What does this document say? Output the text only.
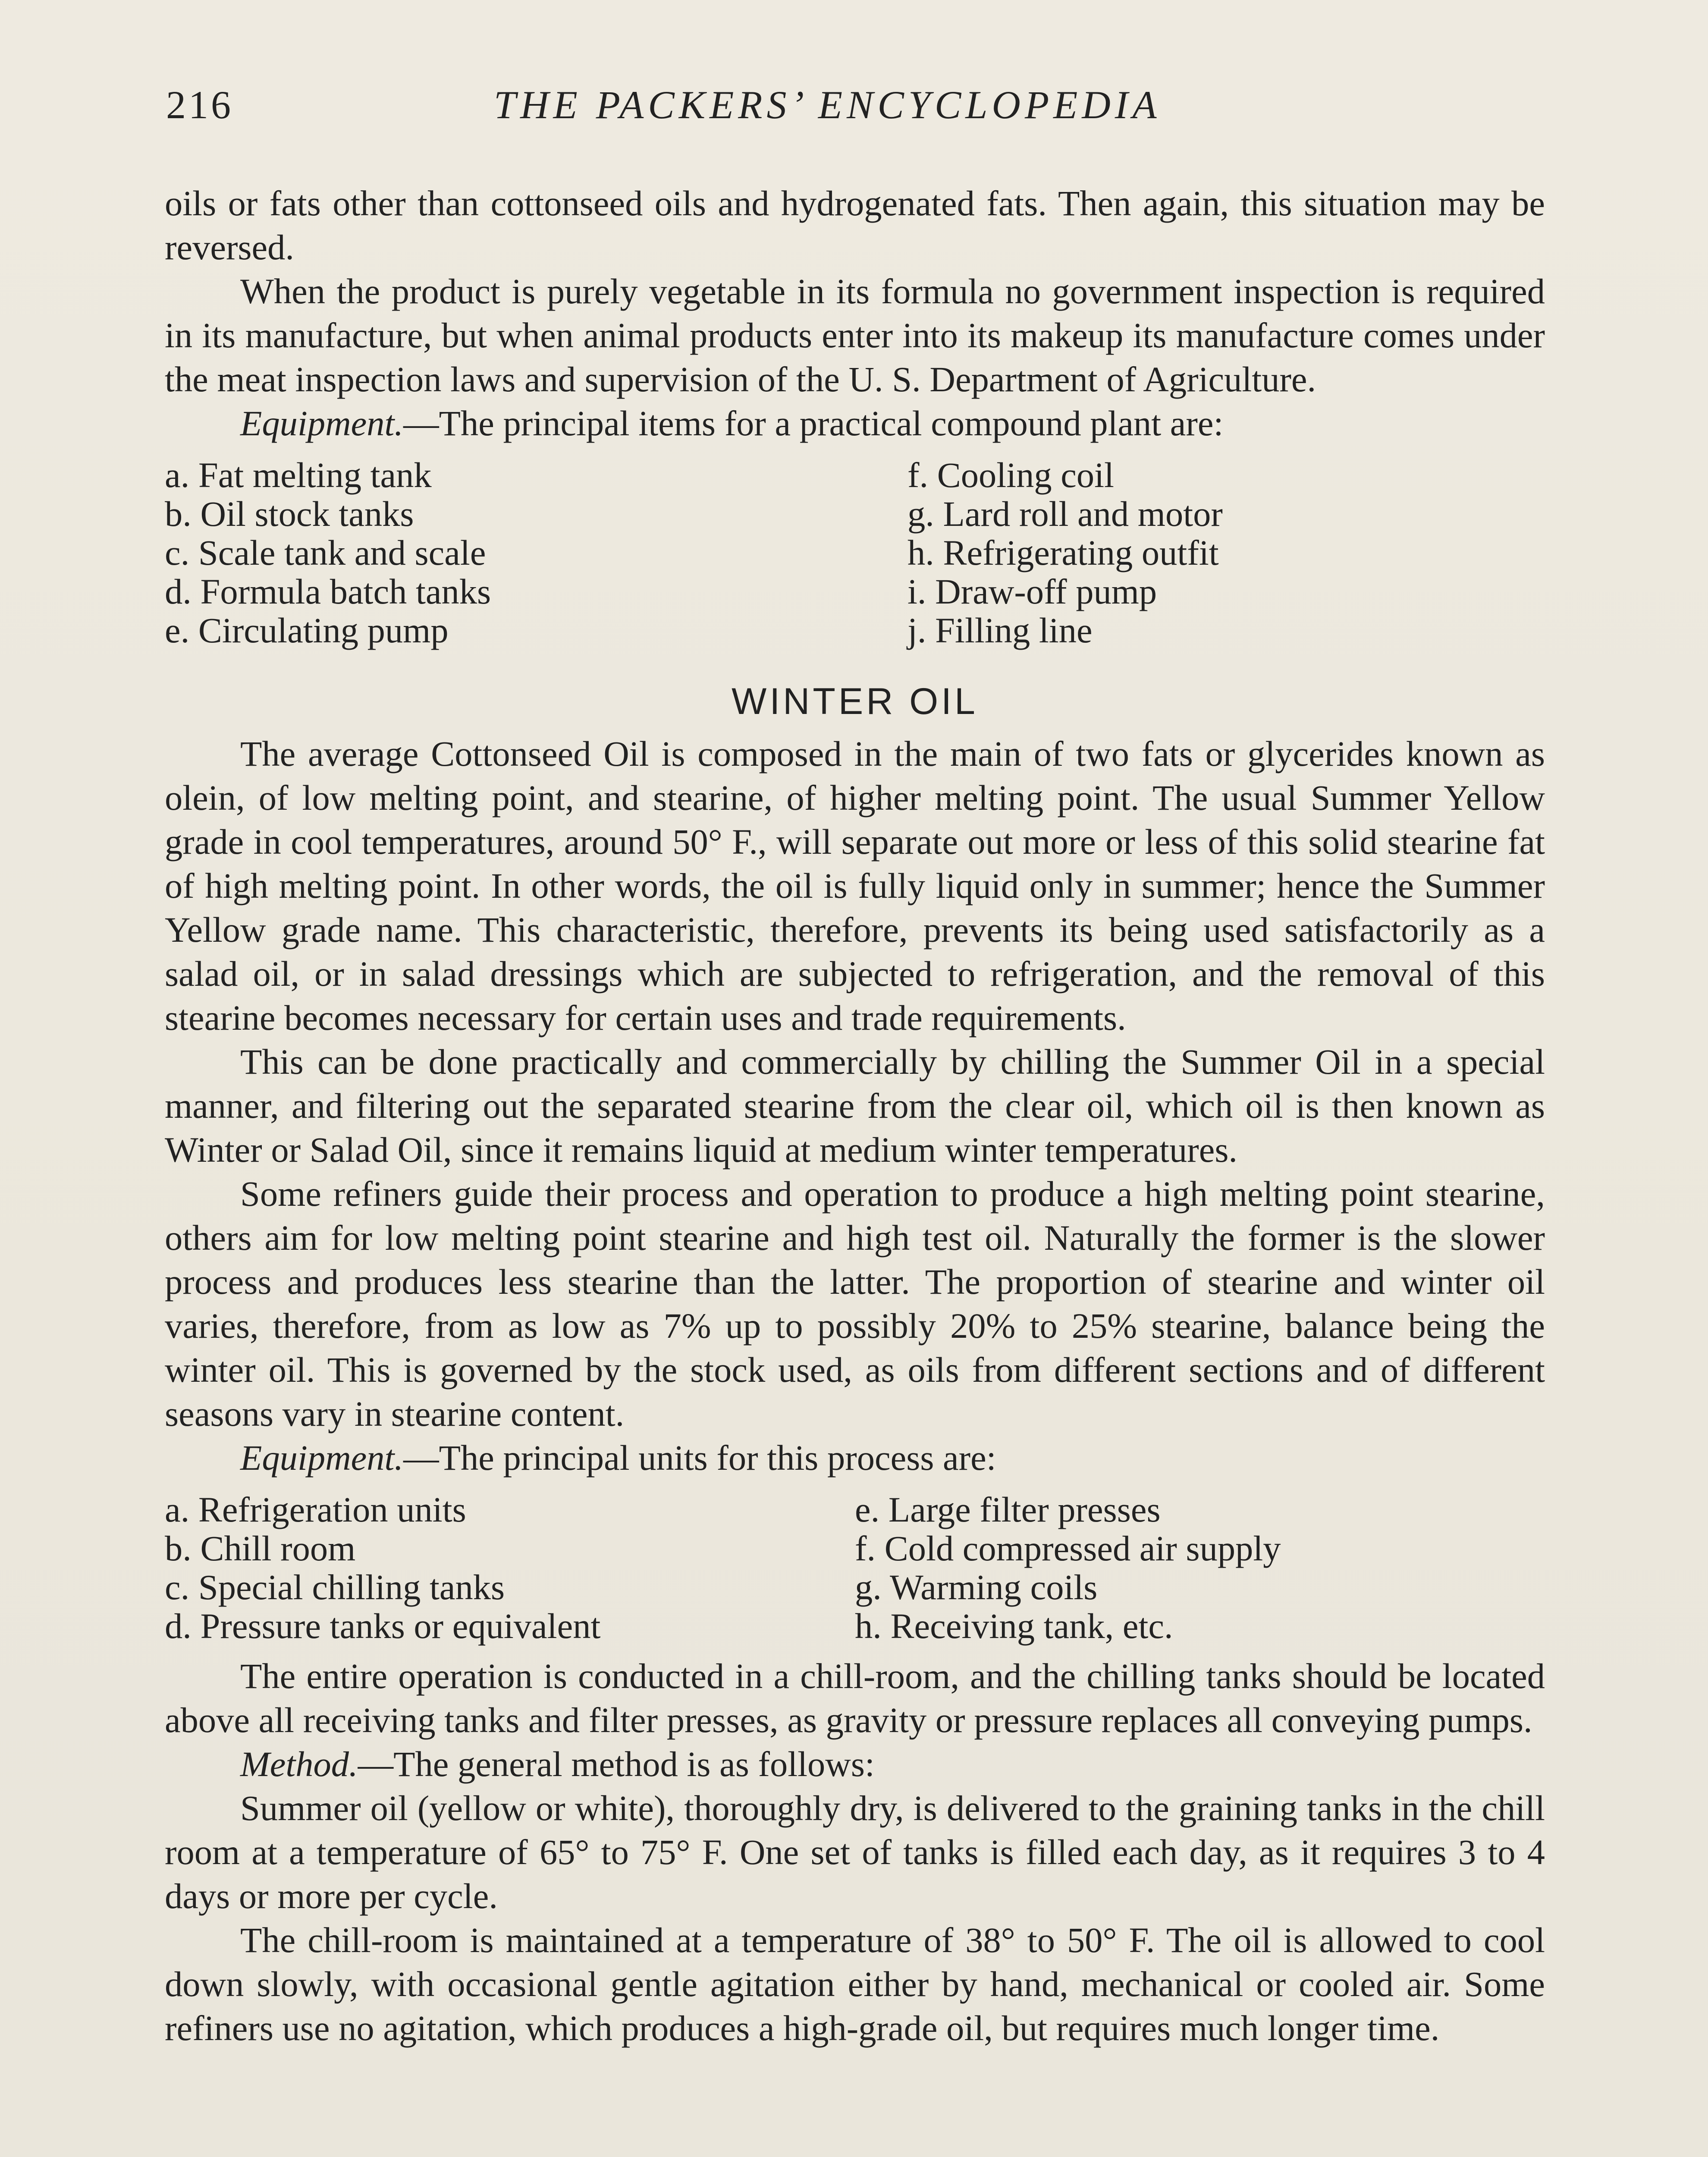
216	THE PACKERS’ ENCYCLOPEDIA

oils or fats other than cottonseed oils and hydrogenated fats. Then again, this situation may be reversed.

When the product is purely vegetable in its formula no government inspection is required in its manufacture, but when animal products enter into its makeup its manufacture comes under the meat inspection laws and supervision of the U. S. Department of Agriculture.

Equipment.—The principal items for a practical compound plant are:

a. Fat melting tank
b. Oil stock tanks
c. Scale tank and scale
d. Formula batch tanks
e. Circulating pump
f. Cooling coil
g. Lard roll and motor
h. Refrigerating outfit
i. Draw-off pump
j. Filling line
WINTER OIL

The average Cottonseed Oil is composed in the main of two fats or glycerides known as olein, of low melting point, and stearine, of higher melting point. The usual Summer Yellow grade in cool temperatures, around 50° F., will separate out more or less of this solid stearine fat of high melting point. In other words, the oil is fully liquid only in summer; hence the Summer Yellow grade name. This characteristic, therefore, prevents its being used satisfactorily as a salad oil, or in salad dressings which are subjected to refrigeration, and the removal of this stearine becomes necessary for certain uses and trade requirements.

This can be done practically and commercially by chilling the Summer Oil in a special manner, and filtering out the separated stearine from the clear oil, which oil is then known as Winter or Salad Oil, since it remains liquid at medium winter temperatures.

Some refiners guide their process and operation to produce a high melting point stearine, others aim for low melting point stearine and high test oil. Naturally the former is the slower process and produces less stearine than the latter. The proportion of stearine and winter oil varies, therefore, from as low as 7% up to possibly 20% to 25% stearine, balance being the winter oil. This is governed by the stock used, as oils from different sections and of different seasons vary in stearine content.

Equipment.—The principal units for this process are:

a. Refrigeration units
b. Chill room
c. Special chilling tanks
d. Pressure tanks or equivalent
e. Large filter presses
f. Cold compressed air supply
g. Warming coils
h. Receiving tank, etc.

The entire operation is conducted in a chill-room, and the chilling tanks should be located above all receiving tanks and filter presses, as gravity or pressure replaces all conveying pumps.

Method.—The general method is as follows:

Summer oil (yellow or white), thoroughly dry, is delivered to the graining tanks in the chill room at a temperature of 65° to 75° F. One set of tanks is filled each day, as it requires 3 to 4 days or more per cycle.

The chill-room is maintained at a temperature of 38° to 50° F. The oil is allowed to cool down slowly, with occasional gentle agitation either by hand, mechanical or cooled air. Some refiners use no agitation, which produces a high-grade oil, but requires much longer time.
